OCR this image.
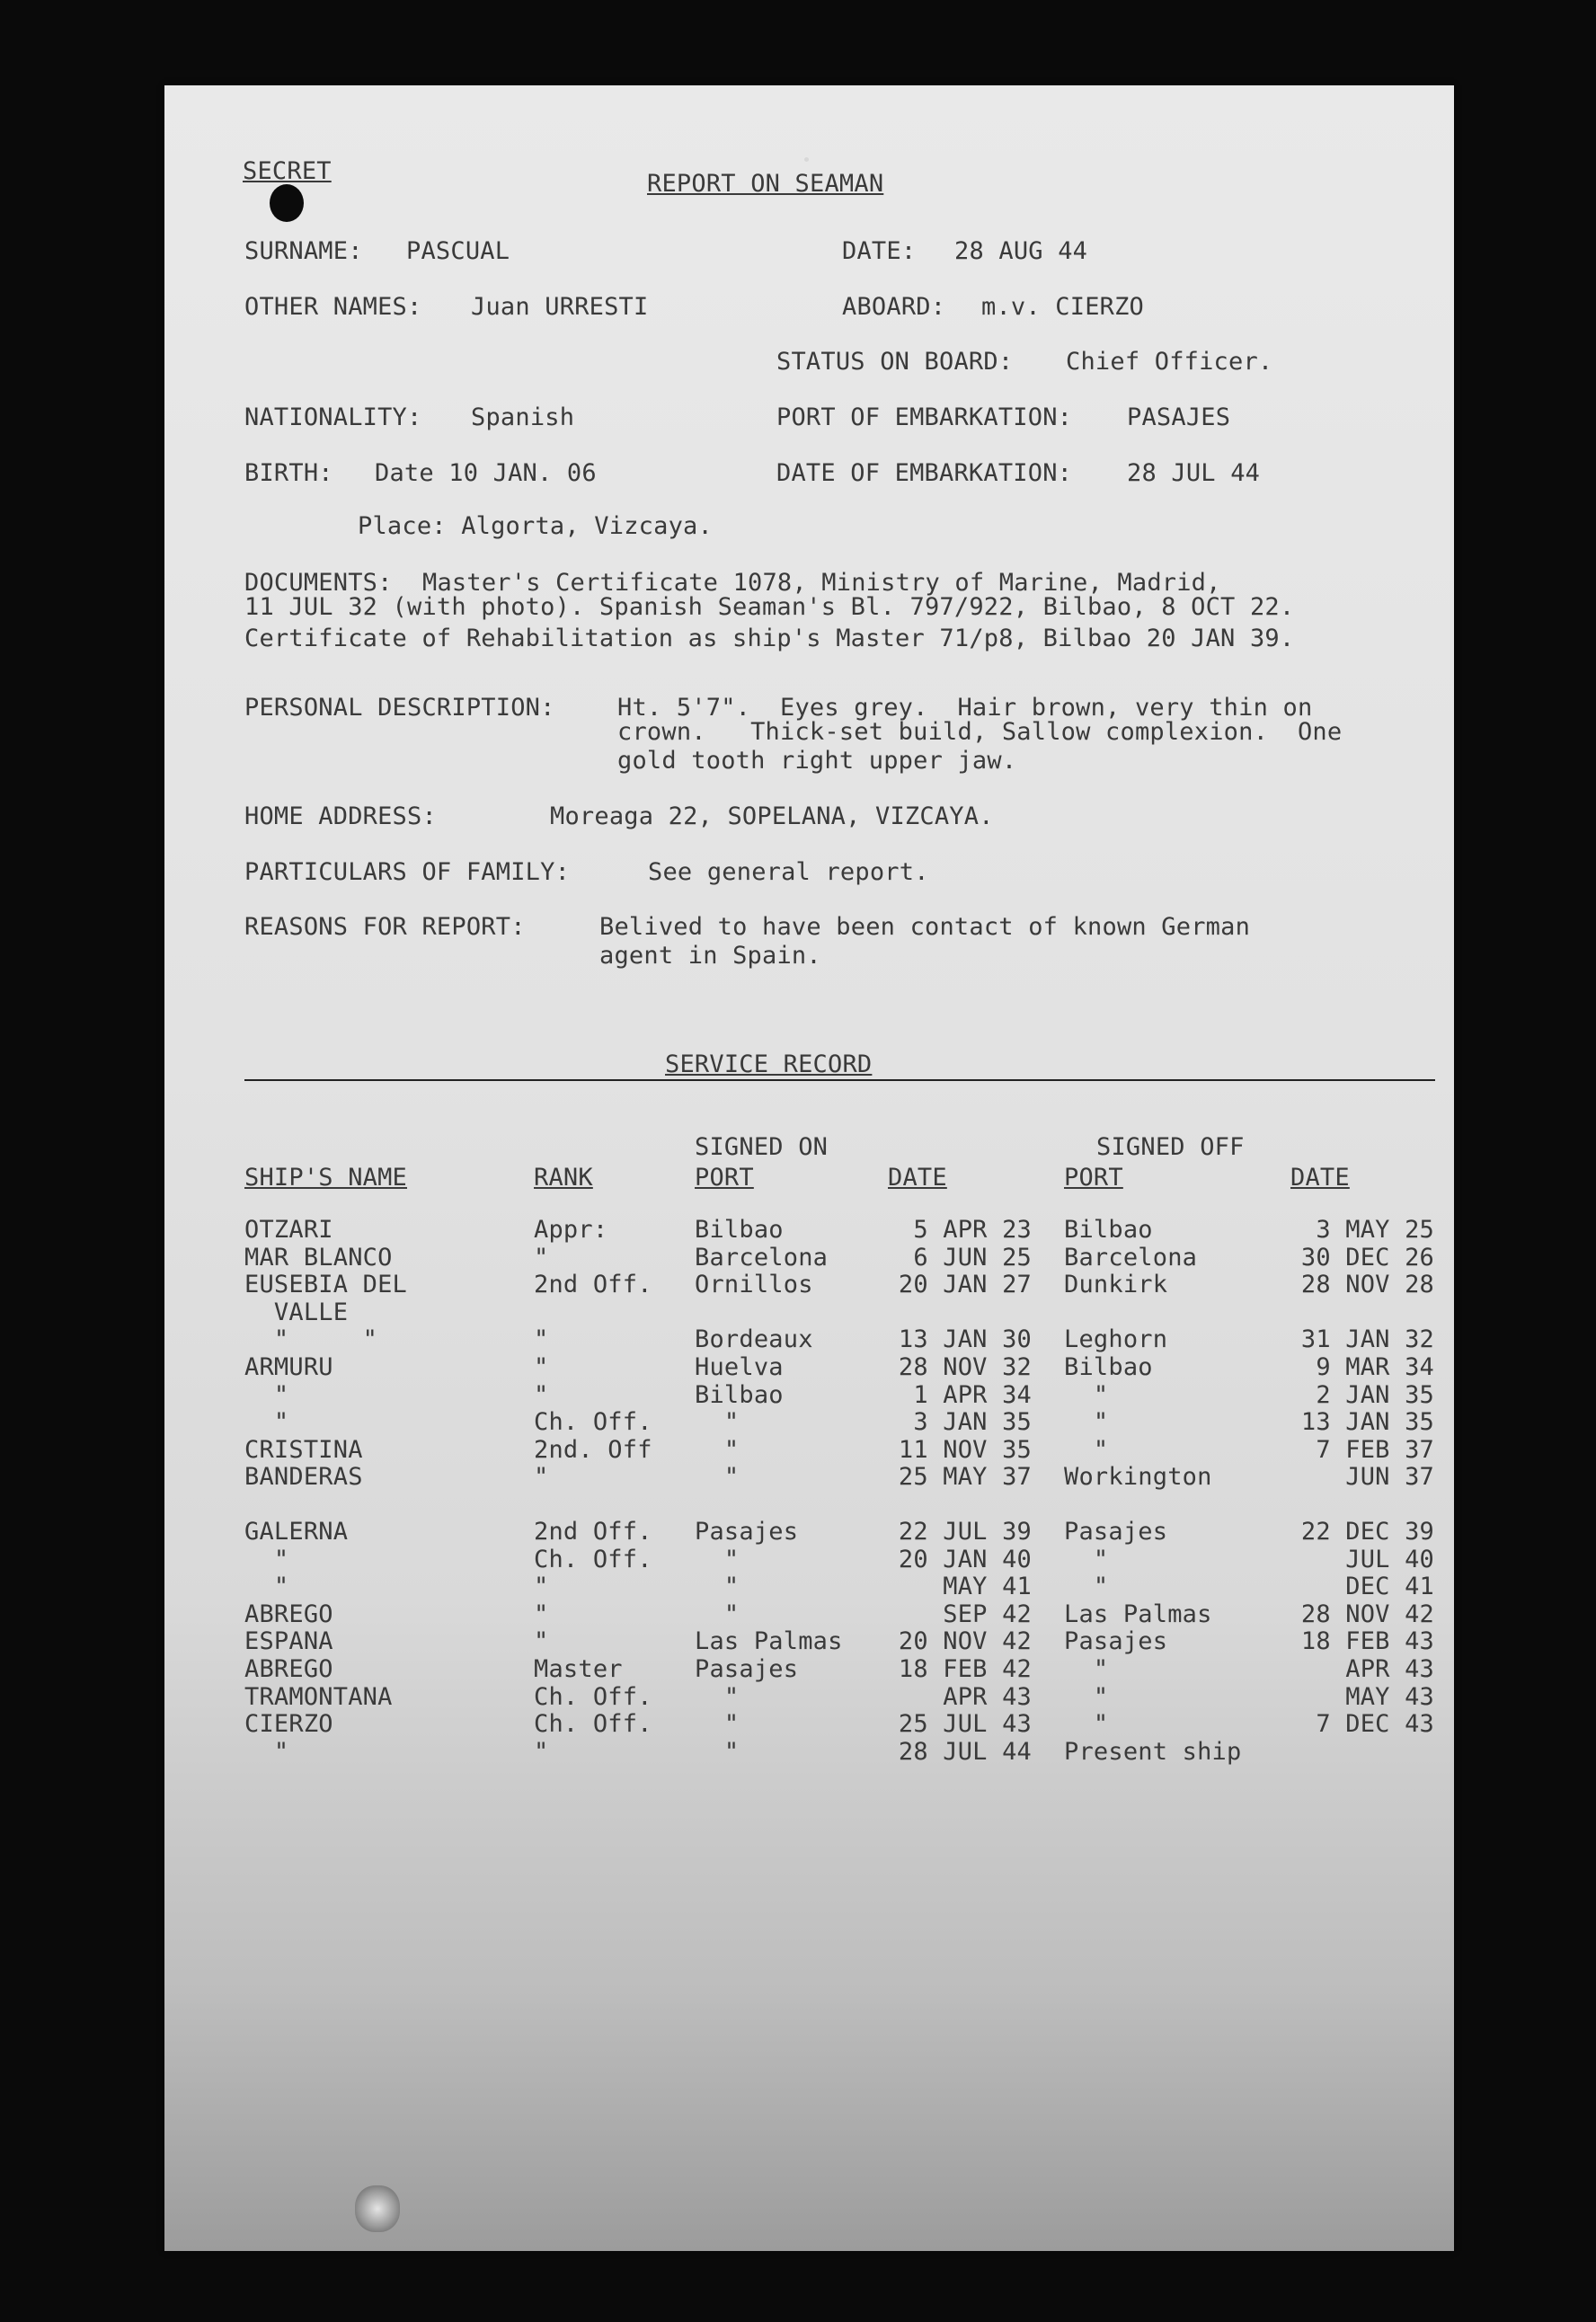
SECRET	REPORT ON SEAMAN
SURNAME: PASCUAL	DATE: 28 AUG 44
OTHER NAMES: Juan URRESTI	ABOARD: m.v. CIERZO
STATUS ON BOARD: Chief Officer.
NATIONALITY: Spanish	PORT OF EMBARKATION: PASAJES
BIRTH: Date 10 JAN. 06	DATE OF EMBARKATION: 28 JUL 44
Place: Algorta, Vizcaya.
DOCUMENTS: Master's Certificate 1078, Ministry of Marine, Madrid,
11 JUL 32 (with photo). Spanish Seaman's Bl. 797/922, Bilbao, 8 OCT 22.
Certificate of Rehabilitation as ship's Master 71/p8, Bilbao 20 JAN 39.
PERSONAL DESCRIPTION:	Ht. 5'7".  Eyes grey.  Hair brown, very thin on
crown.   Thick-set build, Sallow complexion.  One
gold tooth right upper jaw.
HOME ADDRESS:	Moreaga 22, SOPELANA, VIZCAYA.
PARTICULARS OF FAMILY:	See general report.
REASONS FOR REPORT:	Belived to have been contact of known German
agent in Spain.
SERVICE RECORD
SIGNED ON	SIGNED OFF
SHIP'S NAME	RANK	PORT	DATE	PORT	DATE
OTZARI	Appr:	Bilbao	5 APR 23 Bilbao	3 MAY 25
MAR BLANCO	"	Barcelona	6 JUN 25 Barcelona	30 DEC 26
EUSEBIA DEL	2nd Off. Ornillos	20 JAN 27 Dunkirk	28 NOV 28
VALLE
"     "	"	Bordeaux	13 JAN 30 Leghorn	31 JAN 32
ARMURU	"	Huelva	28 NOV 32 Bilbao	9 MAR 34
"	"	Bilbao	1 APR 34 "	2 JAN 35
"	Ch. Off. "	3 JAN 35 "	13 JAN 35
CRISTINA	2nd. Off "	11 NOV 35 "	7 FEB 37
BANDERAS	"	"	25 MAY 37 Workington	JUN 37
GALERNA	2nd Off. Pasajes	22 JUL 39 Pasajes	22 DEC 39
"	Ch. Off. "	20 JAN 40 "	JUL 40
"	"	"	MAY 41 "	DEC 41
ABREGO	"	"	SEP 42 Las Palmas	28 NOV 42
ESPANA	"	Las Palmas 20 NOV 42 Pasajes	18 FEB 43
ABREGO	Master	Pasajes	18 FEB 42 "	APR 43
TRAMONTANA	Ch. Off. "	APR 43 "	MAY 43
CIERZO	Ch. Off. "	25 JUL 43 "	7 DEC 43
"	"	"	28 JUL 44 Present ship
